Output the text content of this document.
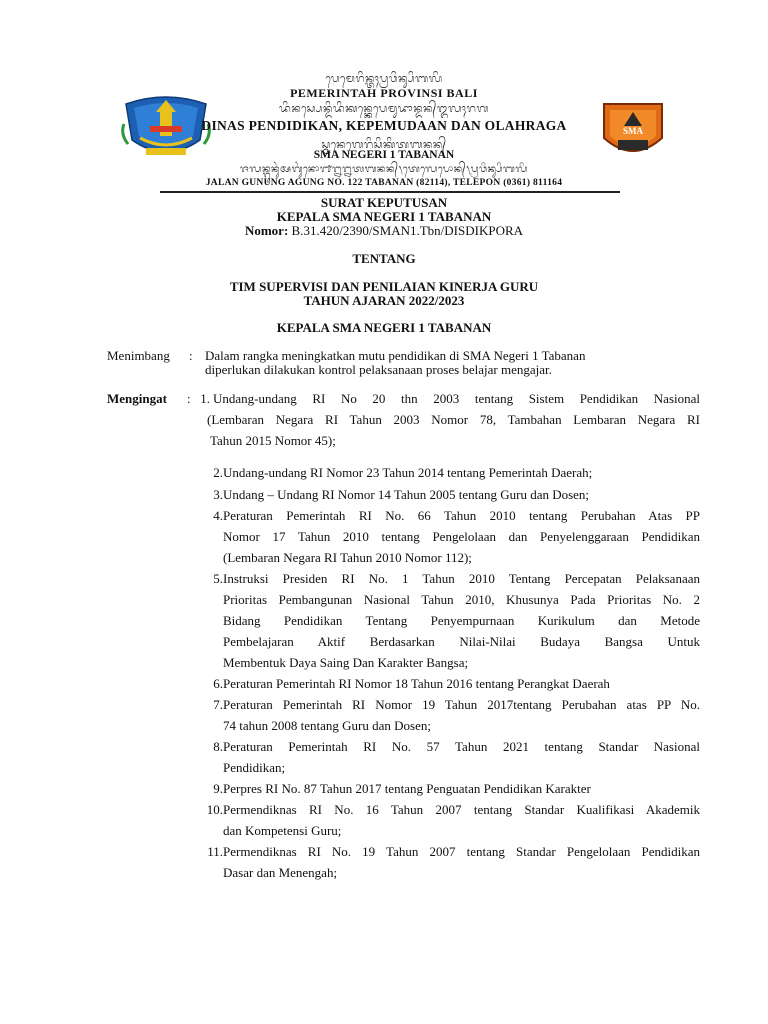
SMA
ᬧᬾᬫᬾᬭᬶᬦ᭄ᬢᬄᬧ᭄ᬭᬯᬶᬦ᭄ᬲᬶᬩᬮᬶ
PEMERINTAH PROVINSI BALI
ᬤᬶᬦᬲ᭄ᬧᬾᬦ᭄ᬤᬶᬤᬶᬓᬦ᭄ᬓᬾᬧᬾᬫᬸᬤᬵᬦ᭄ᬤᬦ᭄ᬑᬮᬄᬭᬕ
DINAS PENDIDIKAN, KEPEMUDAAN DAN OLAHRAGA
ᬲ᭄ᬫᬦᬾᬕᬾᬭᬶᬲᬶᬓᬶᬢᬩᬦᬦ᭄
SMA NEGERI 1 TABANAN
ᬚᬮᬦ᭄ᬕᬸᬦᬸᬂᬅᬕᬸᬂᬦᭀ᭑᭒᭒ᬢᬩᬦᬦ᭄᭞ᬢᬾᬮᬾᬧᭀᬦ᭄᭞ᬧ᭄ᬭᬯᬶᬦ᭄ᬲᬶᬩᬮᬶ
JALAN GUNUNG AGUNG NO. 122 TABANAN (82114), TELEPON (0361) 811164
SURAT KEPUTUSAN
KEPALA SMA NEGERI 1 TABANAN
Nomor: B.31.420/2390/SMAN1.Tbn/DISDIKPORA
TENTANG
TIM SUPERVISI DAN PENILAIAN KINERJA GURU
TAHUN AJARAN 2022/2023
KEPALA SMA NEGERI 1 TABANAN
Menimbang : Dalam rangka meningkatkan mutu pendidikan di SMA Negeri 1 Tabanan
diperlukan dilakukan kontrol pelaksanaan proses belajar mengajar.
Mengingat : 1. Undang-undang RI No 20 thn 2003 tentang Sistem Pendidikan Nasional
(Lembaran Negara RI Tahun 2003 Nomor 78, Tambahan Lembaran Negara RI
Tahun 2015 Nomor 45);
2. Undang-undang RI Nomor 23 Tahun 2014 tentang Pemerintah Daerah;
3. Undang – Undang RI Nomor 14 Tahun 2005 tentang Guru dan Dosen;
4. Peraturan Pemerintah RI No. 66 Tahun 2010 tentang Perubahan Atas PP
Nomor 17 Tahun 2010 tentang Pengelolaan dan Penyelenggaraan Pendidikan
(Lembaran Negara RI Tahun 2010 Nomor 112);
5. Instruksi Presiden RI No. 1 Tahun 2010 Tentang Percepatan Pelaksanaan
Prioritas Pembangunan Nasional Tahun 2010, Khusunya Pada Prioritas No. 2
Bidang Pendidikan Tentang Penyempurnaan Kurikulum dan Metode
Pembelajaran Aktif Berdasarkan Nilai-Nilai Budaya Bangsa Untuk
Membentuk Daya Saing Dan Karakter Bangsa;
6. Peraturan Pemerintah RI Nomor 18 Tahun 2016 tentang Perangkat Daerah
7. Peraturan Pemerintah RI Nomor 19 Tahun 2017tentang Perubahan atas PP No.
74 tahun 2008 tentang Guru dan Dosen;
8. Peraturan Pemerintah RI No. 57 Tahun 2021 tentang Standar Nasional
Pendidikan;
9. Perpres RI No. 87 Tahun 2017 tentang Penguatan Pendidikan Karakter
10. Permendiknas RI No. 16 Tahun 2007 tentang Standar Kualifikasi Akademik
dan Kompetensi Guru;
11. Permendiknas RI No. 19 Tahun 2007 tentang Standar Pengelolaan Pendidikan
Dasar dan Menengah;
